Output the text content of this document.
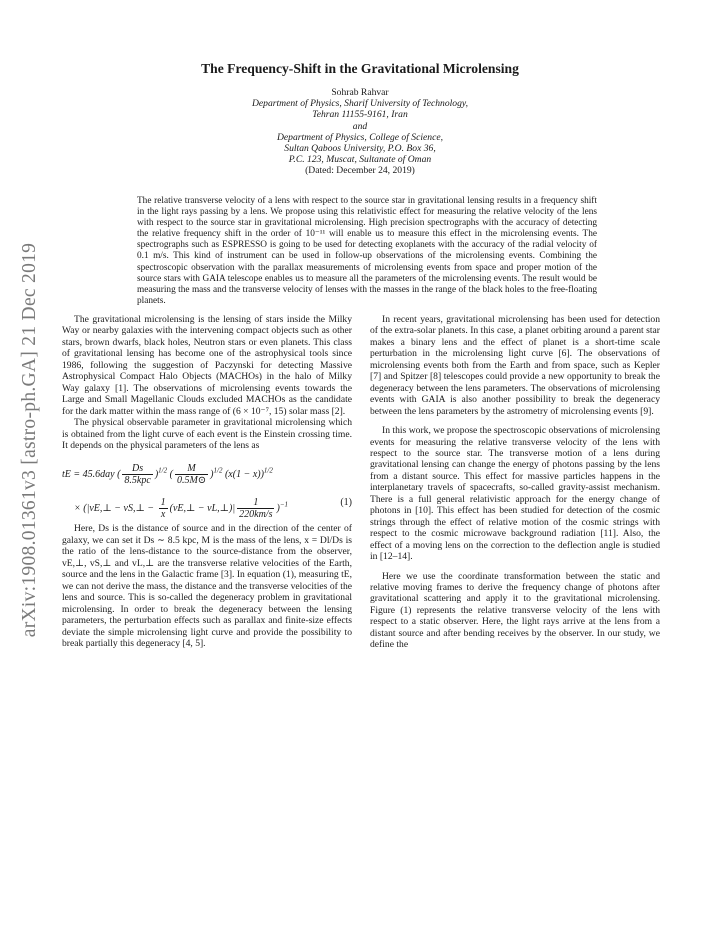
arXiv:1908.01361v3 [astro-ph.GA] 21 Dec 2019
The Frequency-Shift in the Gravitational Microlensing
Sohrab Rahvar
Department of Physics, Sharif University of Technology,
Tehran 11155-9161, Iran
and
Department of Physics, College of Science,
Sultan Qaboos University, P.O. Box 36,
P.C. 123, Muscat, Sultanate of Oman
(Dated: December 24, 2019)
The relative transverse velocity of a lens with respect to the source star in gravitational lensing results in a frequency shift in the light rays passing by a lens. We propose using this relativistic effect for measuring the relative velocity of the lens with respect to the source star in gravitational microlensing. High precision spectrographs with the accuracy of detecting the relative frequency shift in the order of 10⁻¹¹ will enable us to measure this effect in the microlensing events. The spectrographs such as ESPRESSO is going to be used for detecting exoplanets with the accuracy of the radial velocity of 0.1 m/s. This kind of instrument can be used in follow-up observations of the microlensing events. Combining the spectroscopic observation with the parallax measurements of microlensing events from space and proper motion of the source stars with GAIA telescope enables us to measure all the parameters of the microlensing events. The result would be measuring the mass and the transverse velocity of lenses with the masses in the range of the black holes to the free-floating planets.

The gravitational microlensing is the lensing of stars inside the Milky Way or nearby galaxies with the intervening compact objects such as other stars, brown dwarfs, black holes, Neutron stars or even planets. This class of gravitational lensing has become one of the astrophysical tools since 1986, following the suggestion of Paczynski for detecting Massive Astrophysical Compact Halo Objects (MACHOs) in the halo of Milky Way galaxy [1]. The observations of microlensing events towards the Large and Small Magellanic Clouds excluded MACHOs as the candidate for the dark matter within the mass range of (6 × 10⁻⁷, 15) solar mass [2].

The physical observable parameter in gravitational microlensing which is obtained from the light curve of each event is the Einstein crossing time. It depends on the physical parameters of the lens as

tE = 45.6day ( $\frac{Ds}{\text{8.5kpc}} )^{1/2}$ ( $\frac{M}{0.5M⊙} )^{1/2}$ $(x(1 - x))^{1/2}$
× (|vE,⊥ − vS,⊥ − $\frac{1}{x}$ (vE,⊥ − vL,⊥)| $\frac{1}{220km/s} )^{-1}$	(1)

Here, Ds is the distance of source and in the direction of the center of galaxy, we can set it Ds ∼ 8.5 kpc, M is the mass of the lens, x = Dl/Ds is the ratio of the lens-distance to the source-distance from the observer, vE,⊥, vS,⊥ and vL,⊥ are the transverse relative velocities of the Earth, source and the lens in the Galactic frame [3]. In equation (1), measuring tE, we can not derive the mass, the distance and the transverse velocities of the lens and source. This is so-called the degeneracy problem in gravitational microlensing. In order to break the degeneracy between the lensing parameters, the perturbation effects such as parallax and finite-size effects deviate the simple microlensing light curve and provide the possibility to break partially this degeneracy [4, 5].

In recent years, gravitational microlensing has been used for detection of the extra-solar planets. In this case, a planet orbiting around a parent star makes a binary lens and the effect of planet is a short-time scale perturbation in the microlensing light curve [6]. The observations of microlensing events both from the Earth and from space, such as Kepler [7] and Spitzer [8] telescopes could provide a new opportunity to break the degeneracy between the lens parameters. The observations of microlensing events with GAIA is also another possibility to break the degeneracy between the lens parameters by the astrometry of microlensing events [9].

In this work, we propose the spectroscopic observations of microlensing events for measuring the relative transverse velocity of the lens with respect to the source star. The transverse motion of a lens during gravitational lensing can change the energy of photons passing by the lens from a distant source. This effect for massive particles happens in the interplanetary travels of spacecrafts, so-called gravity-assist mechanism. There is a full general relativistic approach for the energy change of photons in [10]. This effect has been studied for detection of the cosmic strings through the effect of relative motion of the cosmic strings with respect to the cosmic microwave background radiation [11]. Also, the effect of a moving lens on the correction to the deflection angle is studied in [12–14].

Here we use the coordinate transformation between the static and relative moving frames to derive the frequency change of photons after gravitational scattering and apply it to the gravitational microlensing. Figure (1) represents the relative transverse velocity of the lens with respect to a static observer. Here, the light rays arrive at the lens from a distant source and after bending receives by the observer. In our study, we define the
